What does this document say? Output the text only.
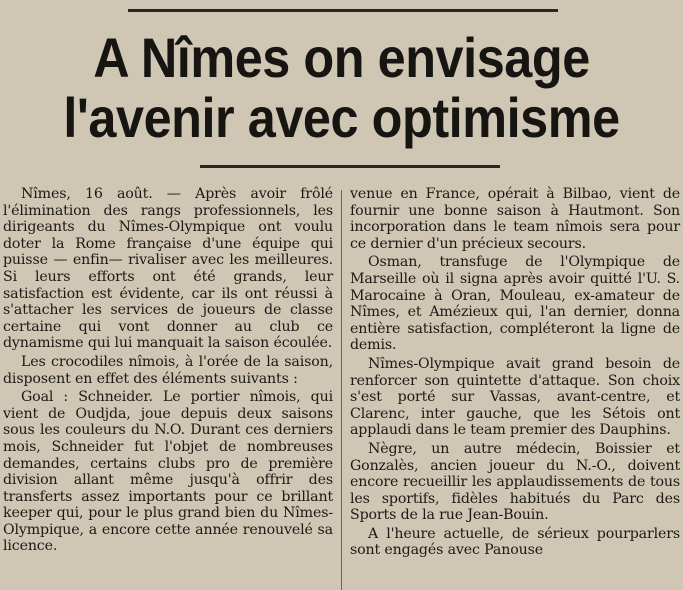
A Nîmes on envisage
l'avenir avec optimisme

Nîmes, 16 août. — Après avoir frôlé l'élimination des rangs professionnels, les dirigeants du Nîmes-Olympique ont voulu doter la Rome française d'une équipe qui puisse — enfin— rivaliser avec les meilleures. Si leurs efforts ont été grands, leur satisfaction est évidente, car ils ont réussi à s'attacher les services de joueurs de classe certaine qui vont donner au club ce dynamisme qui lui manquait la saison écoulée.

Les crocodiles nîmois, à l'orée de la saison, disposent en effet des éléments suivants :

Goal : Schneider. Le portier nîmois, qui vient de Oudjda, joue depuis deux saisons sous les couleurs du N.O. Durant ces derniers mois, Schneider fut l'objet de nombreuses demandes, certains clubs pro de première division allant même jusqu'à offrir des transferts assez importants pour ce brillant keeper qui, pour le plus grand bien du Nîmes-Olympique, a encore cette année renouvelé sa licence.

venue en France, opérait à Bilbao, vient de fournir une bonne saison à Hautmont. Son incorporation dans le team nîmois sera pour ce dernier d'un précieux secours.

Osman, transfuge de l'Olympique de Marseille où il signa après avoir quitté l'U. S. Marocaine à Oran, Mouleau, ex-amateur de Nîmes, et Amézieux qui, l'an dernier, donna entière satisfaction, compléteront la ligne de demis.

Nîmes-Olympique avait grand besoin de renforcer son quintette d'attaque. Son choix s'est porté sur Vassas, avant-centre, et Clarenc, inter gauche, que les Sétois ont applaudi dans le team premier des Dauphins.

Nègre, un autre médecin, Boissier et Gonzalès, ancien joueur du N.-O., doivent encore recueillir les applaudissements de tous les sportifs, fidèles habitués du Parc des Sports de la rue Jean-Bouin.

A l'heure actuelle, de sérieux pourparlers sont engagés avec Panouse
